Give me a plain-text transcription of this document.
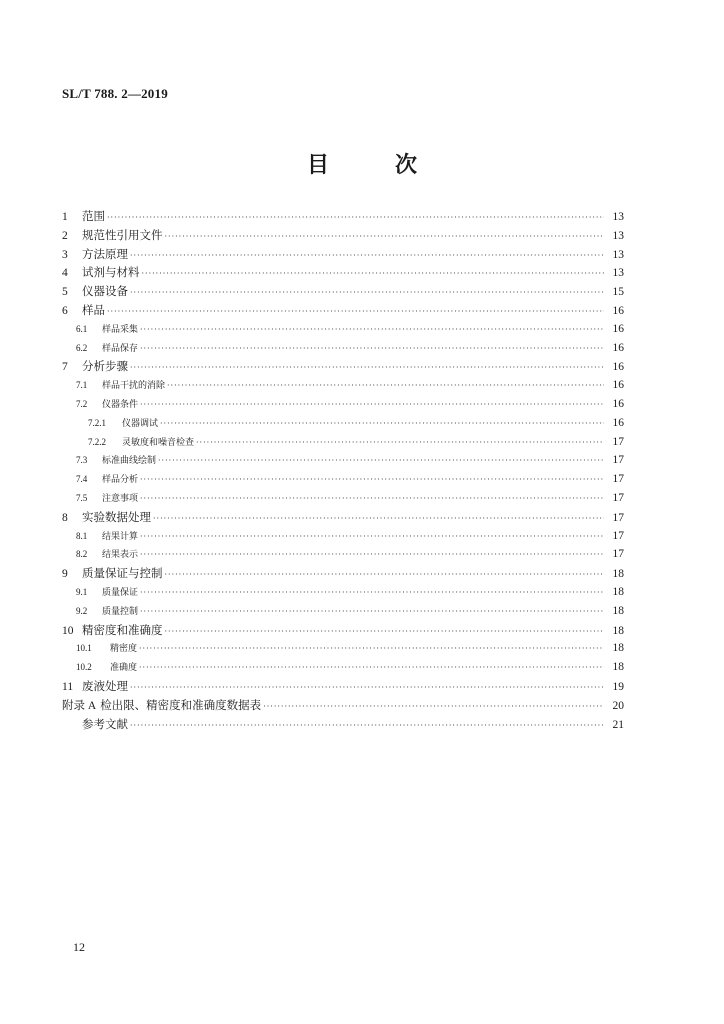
SL/T 788. 2—2019
目　次
1	范围 ·····	13
2	规范性引用文件 ·····	13
3	方法原理 ·····	13
4	试剂与材料 ·····	13
5	仪器设备 ·····	15
6	样品 ·····	16
6.1	样品采集 ·····	16
6.2	样品保存 ·····	16
7	分析步骤 ·····	16
7.1	样品干扰的消除 ·····	16
7.2	仪器条件 ·····	16
7.2.1	仪器调试 ·····	16
7.2.2	灵敏度和噪音检查 ·····	17
7.3	标准曲线绘制 ·····	17
7.4	样品分析 ·····	17
7.5	注意事项 ·····	17
8	实验数据处理 ·····	17
8.1	结果计算 ·····	17
8.2	结果表示 ·····	17
9	质量保证与控制 ·····	18
9.1	质量保证 ·····	18
9.2	质量控制 ·····	18
10 精密度和准确度 ·····	18
10.1	精密度 ·····	18
10.2	准确度 ·····	18
11 废液处理 ·····	19
附录 A 检出限、精密度和准确度数据表 ·····	20
参考文献 ·····	21
12
